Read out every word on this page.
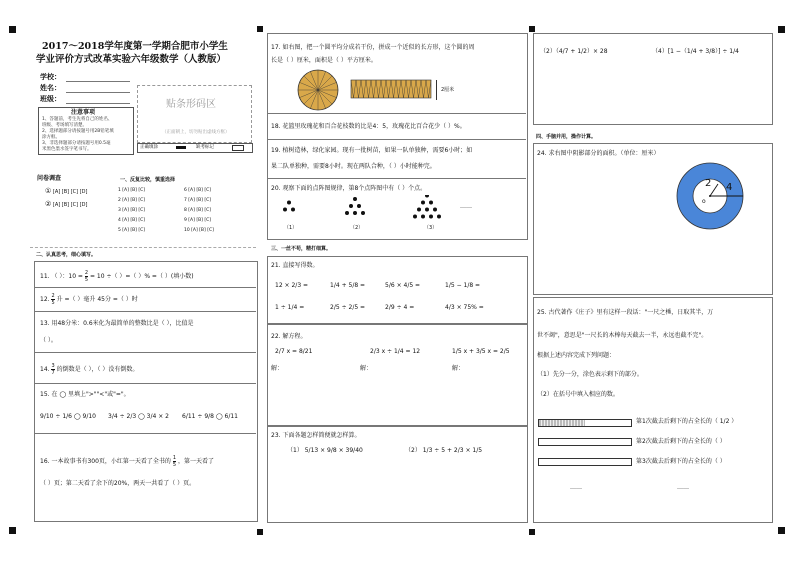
2017～2018学年度第一学期合肥市小学生
学业评价方式改革实验六年级数学（人教版）
学校：
姓名：
班级：	贴条形码区
（正面朝上，切勿贴出虚线方框）
正确填涂	缺考标记
注意事项
1、答题前，考生先将自己的姓名、
班级、考场填写清楚。
2、选择题部分请按题号用2B铅笔填
涂方框。
3、非选择题部分请按题号用0.5毫
米黑色墨水签字笔书写。
问卷调查
① [A] [B] [C] [D]
② [A] [B] [C] [D]
一、反复比较，慎重选择
1 [A] [B] [C]	6 [A] [B] [C]
2 [A] [B] [C]	7 [A] [B] [C]
3 [A] [B] [C]	8 [A] [B] [C]
4 [A] [B] [C]	9 [A] [B] [C]
5 [A] [B] [C]	10 [A] [B] [C]
二、认真思考，细心填写。
11. （ ）：$10 = \frac{2}{5} = 10$ ÷（ ）=（ ）% =（ ）(填小数)
12. $\frac{2}{5}$ 升 =（ ）毫升 45分 =（ ）时
13. 用48分米：0.6米化为最简单的整数比是（ ），比值是
（ ）。
14. $\frac{3}{7}$ 的倒数是（ ），（ ）没有倒数。
15. 在 ◯ 里填上">""<"或"="。
9/10 ÷ 1/6 ◯ 9/10 3/4 ÷ 2/3 ◯ 3/4 × 2 6/11 ÷ 9/8 ◯ 6/11
16. 一本故事书有300页，小红第一天看了全书的 $\frac{1}{5}$ ，第一天看了
（ ）页；第二天看了余下的20%，两天一共看了（ ）页。
17. 如右图，把一个圆平均分成若干份，拼成一个近似的长方形，这个圆的周
长是（ ）厘米，面积是（ ）平方厘米。
2厘米
18. 花篮里玫瑰花和百合花枝数的比是4：5，玫瑰花比百合花少（ ）%。
19. 植树造林，绿化家园。现有一批树苗，如果一队单独种，需要6小时；如
果二队单独种，需要8小时。现在两队合种，（ ）小时能种完。
20. 观察下面的点阵图规律，第8个点阵图中有（ ）个点。
（1）	（2）	（3）
……
三、一丝不苟，精打细算。
21. 直接写得数。
12 × 2/3 =	1/4 + 5/8 =	5/6 × 4/5 =	1/5 − 1/8 =
1 ÷ 1/4 =	2/5 ÷ 2/5 =	2/9 ÷ 4 =	4/3 × 75% =
22. 解方程。
2/7 x = 8/21	2/3 x ÷ 1/4 = 12	1/5 x + 3/5 x = 2/5
解：	解：	解：
23. 下面各题怎样简便就怎样算。
（1） 5/13 × 9/8 × 39/40	（2） 1/3 ÷ 5 + 2/3 × 1/5
（2）（4/7 + 1/2）× 28	（4）[1 −（1/4 + 3/8）] ÷ 1/4
四、手脑并用，操作计算。
24. 求右图中阴影部分的面积。（单位：厘米）
2 4
o
25. 古代著作《庄子》里有这样一段话："一尺之棰，日取其半，万
世不竭"，意思是"一尺长的木棒每天截去一半，永远也截不完"。
根据上述内容完成下列问题：
（1）先分一分，涂色表示剩下的部分。
（2）在括号中填入相应的数。
第1次截去后剩下的占全长的（ 1/2 ）
第2次截去后剩下的占全长的（ ）
第3次截去后剩下的占全长的（ ）
……	……
